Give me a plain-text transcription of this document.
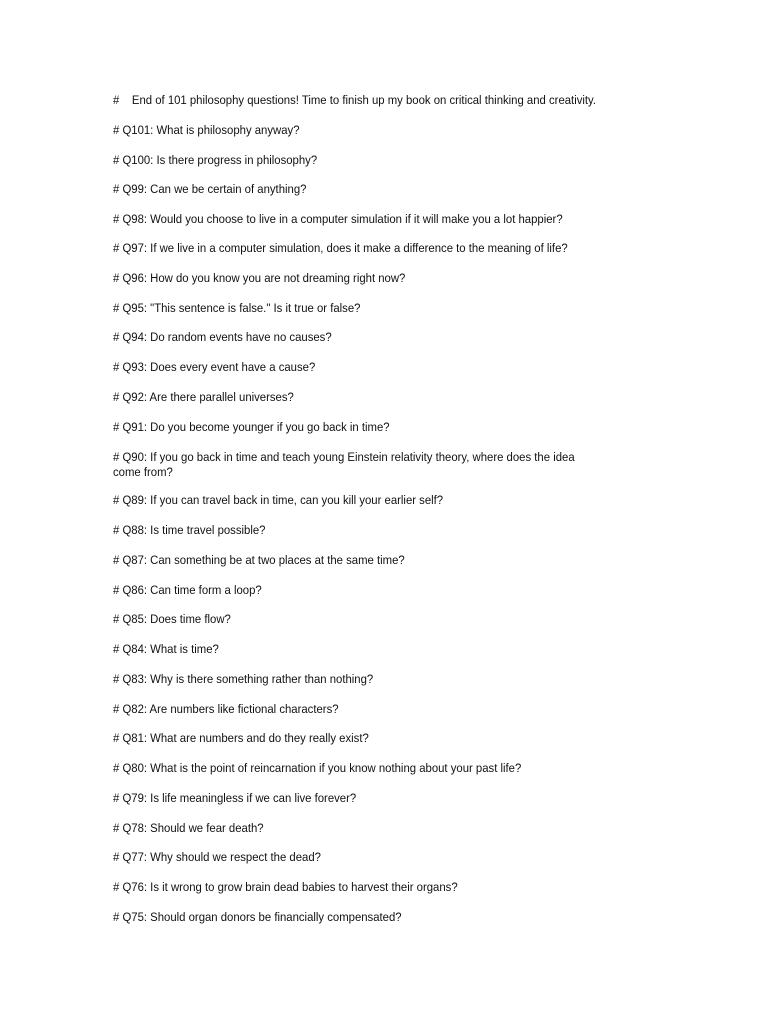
#    End of 101 philosophy questions! Time to finish up my book on critical thinking and creativity.
# Q101: What is philosophy anyway?
# Q100: Is there progress in philosophy?
# Q99: Can we be certain of anything?
# Q98: Would you choose to live in a computer simulation if it will make you a lot happier?
# Q97: If we live in a computer simulation, does it make a difference to the meaning of life?
# Q96: How do you know you are not dreaming right now?
# Q95: "This sentence is false." Is it true or false?
# Q94: Do random events have no causes?
# Q93: Does every event have a cause?
# Q92: Are there parallel universes?
# Q91: Do you become younger if you go back in time?
# Q90: If you go back in time and teach young Einstein relativity theory, where does the idea
come from?
# Q89: If you can travel back in time, can you kill your earlier self?
# Q88: Is time travel possible?
# Q87: Can something be at two places at the same time?
# Q86: Can time form a loop?
# Q85: Does time flow?
# Q84: What is time?
# Q83: Why is there something rather than nothing?
# Q82: Are numbers like fictional characters?
# Q81: What are numbers and do they really exist?
# Q80: What is the point of reincarnation if you know nothing about your past life?
# Q79: Is life meaningless if we can live forever?
# Q78: Should we fear death?
# Q77: Why should we respect the dead?
# Q76: Is it wrong to grow brain dead babies to harvest their organs?
# Q75: Should organ donors be financially compensated?
